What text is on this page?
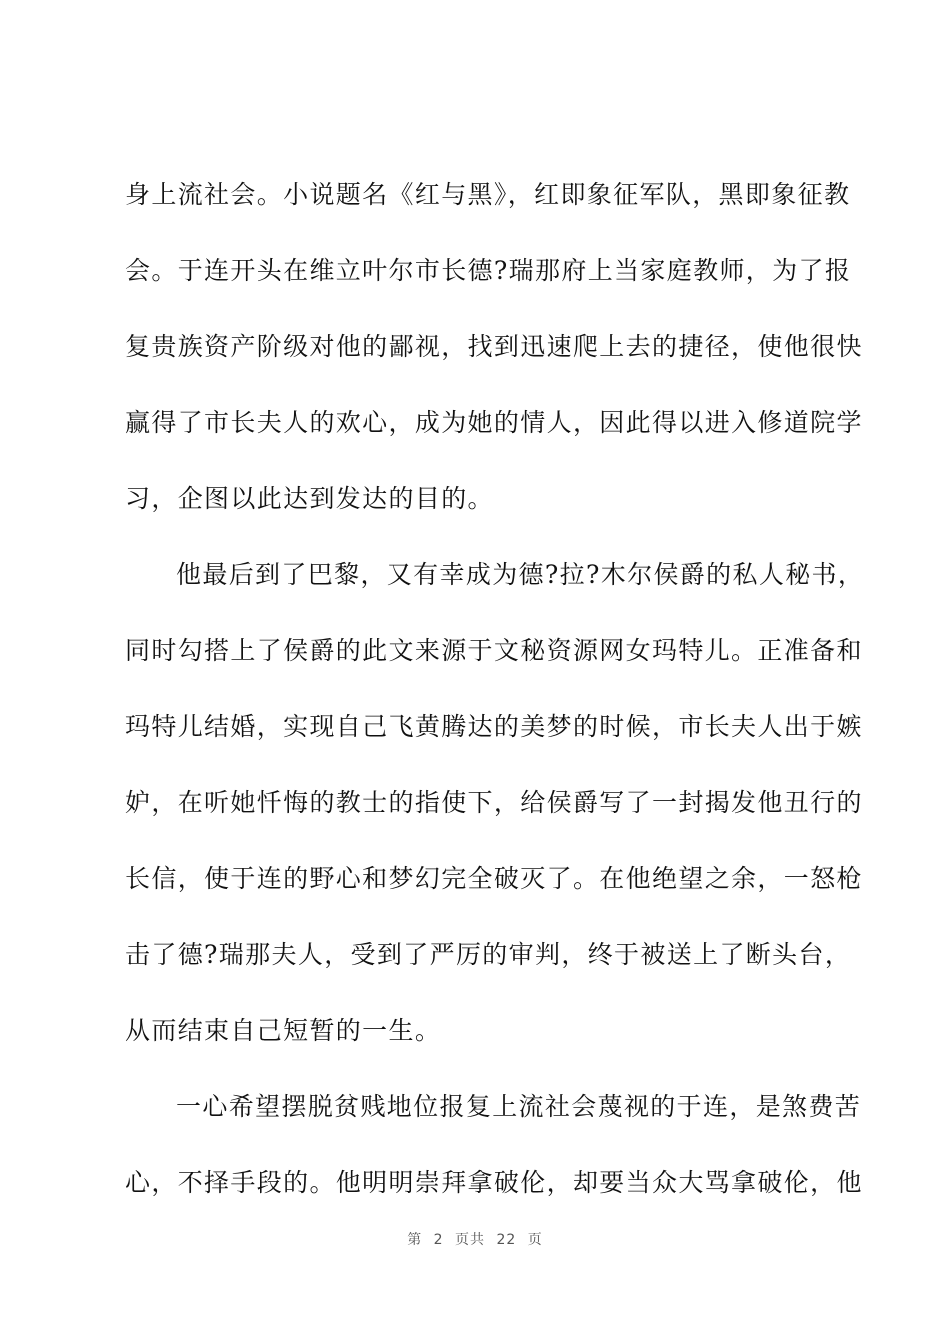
身上流社会。小说题名《红与黑》，红即象征军队，黑即象征教
会。于连开头在维立叶尔市长德?瑞那府上当家庭教师，为了报
复贵族资产阶级对他的鄙视，找到迅速爬上去的捷径，使他很快
赢得了市长夫人的欢心，成为她的情人，因此得以进入修道院学
习，企图以此达到发达的目的。
他最后到了巴黎，又有幸成为德?拉?木尔侯爵的私人秘书，
同时勾搭上了侯爵的此文来源于文秘资源网女玛特儿。正准备和
玛特儿结婚，实现自己飞黄腾达的美梦的时候，市长夫人出于嫉
妒，在听她忏悔的教士的指使下，给侯爵写了一封揭发他丑行的
长信，使于连的野心和梦幻完全破灭了。在他绝望之余，一怒枪
击了德?瑞那夫人，受到了严厉的审判，终于被送上了断头台，
从而结束自己短暂的一生。
一心希望摆脱贫贱地位报复上流社会蔑视的于连，是煞费苦
心，不择手段的。他明明崇拜拿破伦，却要当众大骂拿破伦，他
第 2 页共 22 页
